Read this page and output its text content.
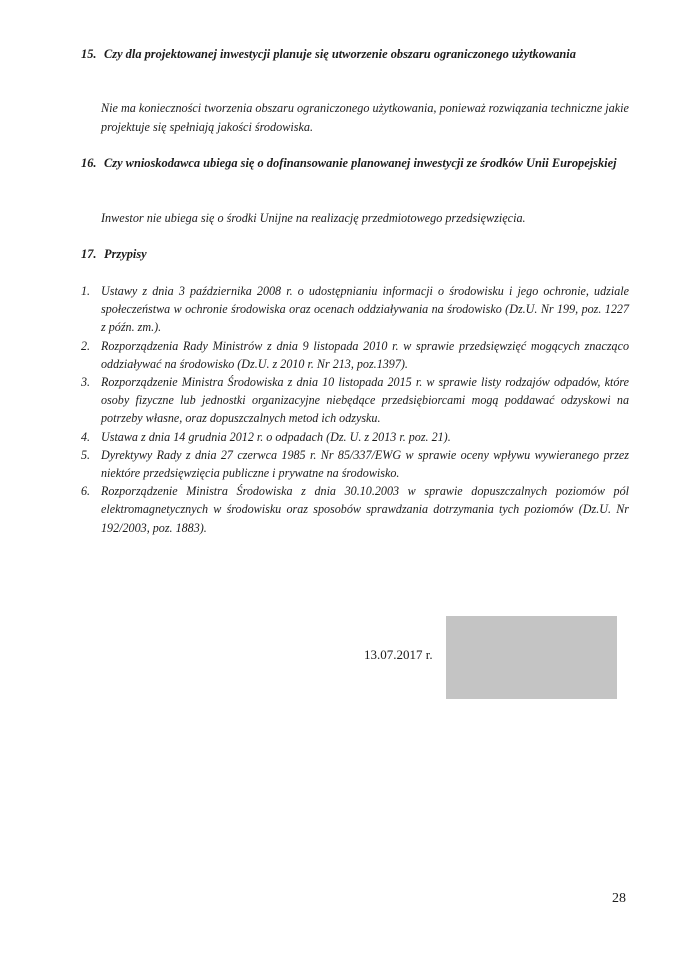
15. Czy dla projektowanej inwestycji planuje się utworzenie obszaru ograniczonego użytkowania
Nie ma konieczności tworzenia obszaru ograniczonego użytkowania, ponieważ rozwiązania techniczne jakie projektuje się spełniają jakości środowiska.
16. Czy wnioskodawca ubiega się o dofinansowanie planowanej inwestycji ze środków Unii Europejskiej
Inwestor nie ubiega się o środki Unijne na realizację przedmiotowego przedsięwzięcia.
17. Przypisy
1. Ustawy z dnia 3 października 2008 r. o udostępnianiu informacji o środowisku i jego ochronie, udziale społeczeństwa w ochronie środowiska oraz ocenach oddziaływania na środowisko (Dz.U. Nr 199, poz. 1227 z późn. zm.).
2. Rozporządzenia Rady Ministrów z dnia 9 listopada 2010 r. w sprawie przedsięwzięć mogących znacząco oddziaływać na środowisko (Dz.U. z 2010 r. Nr 213, poz.1397).
3. Rozporządzenie Ministra Środowiska z dnia 10 listopada 2015 r. w sprawie listy rodzajów odpadów, które osoby fizyczne lub jednostki organizacyjne niebędące przedsiębiorcami mogą poddawać odzyskowi na potrzeby własne, oraz dopuszczalnych metod ich odzysku.
4. Ustawa z dnia 14 grudnia 2012 r. o odpadach (Dz. U. z 2013 r. poz. 21).
5. Dyrektywy Rady z dnia 27 czerwca 1985 r. Nr 85/337/EWG w sprawie oceny wpływu wywieranego przez niektóre przedsięwzięcia publiczne i prywatne na środowisko.
6. Rozporządzenie Ministra Środowiska z dnia 30.10.2003 w sprawie dopuszczalnych poziomów pól elektromagnetycznych w środowisku oraz sposobów sprawdzania dotrzymania tych poziomów (Dz.U. Nr 192/2003, poz. 1883).
13.07.2017 r.
28
